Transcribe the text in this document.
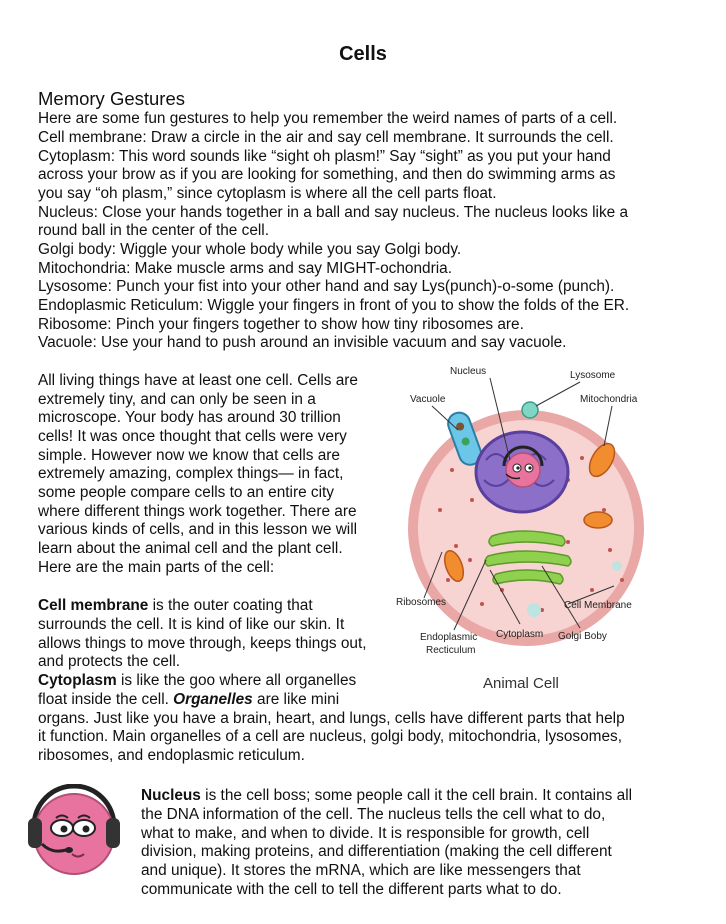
Cells
Memory Gestures
Here are some fun gestures to help you remember the weird names of parts of a cell.
Cell membrane: Draw a circle in the air and say cell membrane. It surrounds the cell.
Cytoplasm: This word sounds like “sight oh plasm!” Say “sight” as you put your hand
across your brow as if you are looking for something, and then do swimming arms as
you say “oh plasm,” since cytoplasm is where all the cell parts float.
Nucleus: Close your hands together in a ball and say nucleus. The nucleus looks like a
round ball in the center of the cell.
Golgi body: Wiggle your whole body while you say Golgi body.
Mitochondria: Make muscle arms and say MIGHT-ochondria.
Lysosome: Punch your fist into your other hand and say Lys(punch)-o-some (punch).
Endoplasmic Reticulum: Wiggle your fingers in front of you to show the folds of the ER.
Ribosome: Pinch your fingers together to show how tiny ribosomes are.
Vacuole: Use your hand to push around an invisible vacuum and say vacuole.
All living things have at least one cell. Cells are
extremely tiny, and can only be seen in a
microscope. Your body has around 30 trillion
cells! It was once thought that cells were very
simple. However now we know that cells are
extremely amazing, complex things— in fact,
some people compare cells to an entire city
where different things work together. There are
various kinds of cells, and in this lesson we will
learn about the animal cell and the plant cell.
Here are the main parts of the cell:
Cell membrane is the outer coating that
surrounds the cell. It is kind of like our skin. It
allows things to move through, keeps things out,
and protects the cell.
Cytoplasm is like the goo where all organelles
float inside the cell. Organelles are like mini
organs. Just like you have a brain, heart, and lungs, cells have different parts that help
it function. Main organelles of a cell are nucleus, golgi body, mitochondria, lysosomes,
ribosomes, and endoplasmic reticulum.
Nucleus is the cell boss; some people call it the cell brain. It contains all
the DNA information of the cell. The nucleus tells the cell what to do,
what to make, and when to divide. It is responsible for growth, cell
division, making proteins, and differentiation (making the cell different
and unique). It stores the mRNA, which are like messengers that
communicate with the cell to tell the different parts what to do.
Nucleus	Lysosome
Vacuole	Mitochondria
Ribosomes	Cell Membrane
Endoplasmic
Recticulum
Cytoplasm Golgi Boby
Animal Cell
